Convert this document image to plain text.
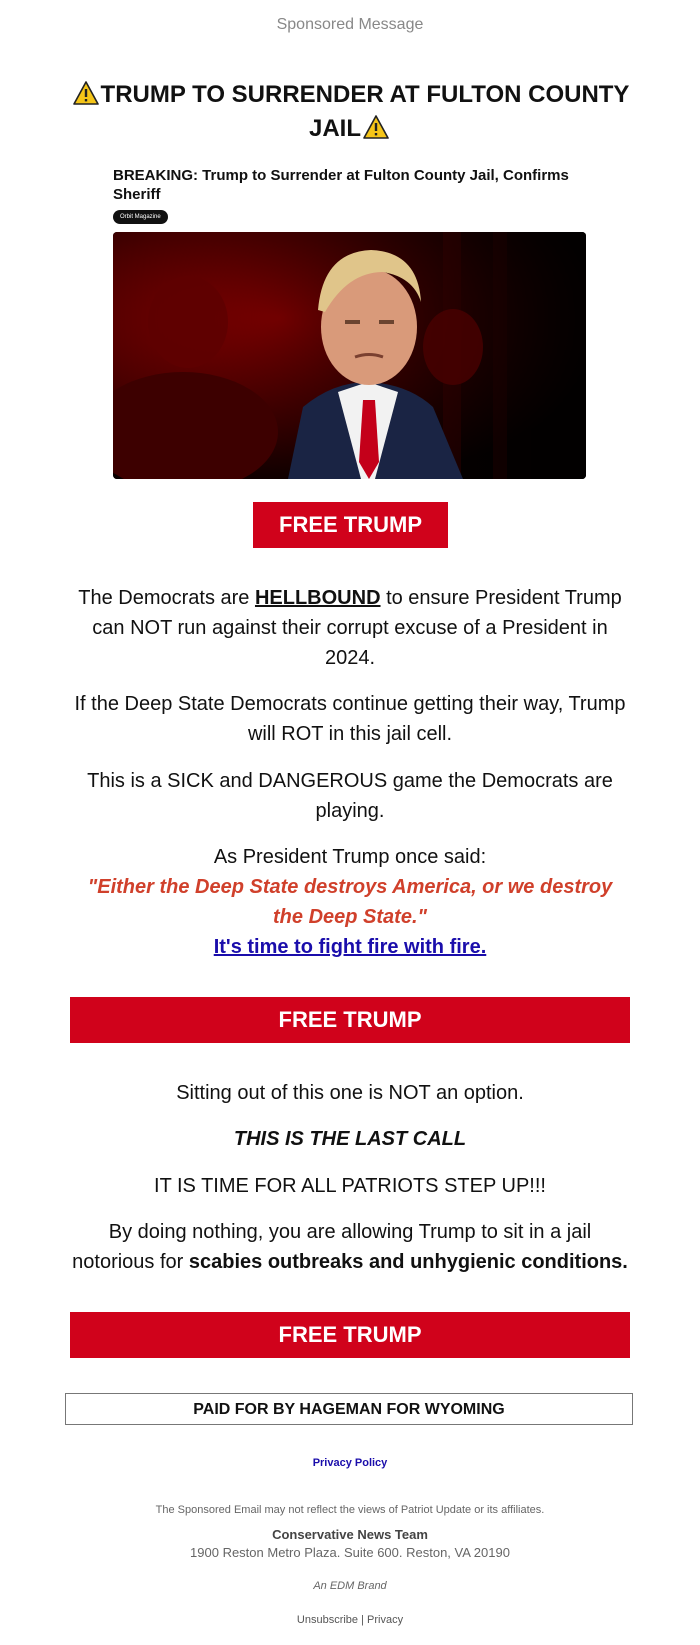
Sponsored Message
TRUMP TO SURRENDER AT FULTON COUNTY JAIL
BREAKING: Trump to Surrender at Fulton County Jail, Confirms Sheriff
Orbit Magazine
FREE TRUMP
The Democrats are HELLBOUND to ensure President Trump can NOT run against their corrupt excuse of a President in 2024.
If the Deep State Democrats continue getting their way, Trump will ROT in this jail cell.
This is a SICK and DANGEROUS game the Democrats are playing.
As President Trump once said:
"Either the Deep State destroys America, or we destroy the Deep State."
It's time to fight fire with fire.
FREE TRUMP
Sitting out of this one is NOT an option.
THIS IS THE LAST CALL
IT IS TIME FOR ALL PATRIOTS STEP UP!!!
By doing nothing, you are allowing Trump to sit in a jail notorious for scabies outbreaks and unhygienic conditions.
FREE TRUMP
PAID FOR BY HAGEMAN FOR WYOMING
Privacy Policy
The Sponsored Email may not reflect the views of Patriot Update or its affiliates.
Conservative News Team
1900 Reston Metro Plaza. Suite 600. Reston, VA 20190
An EDM Brand
Unsubscribe | Privacy
